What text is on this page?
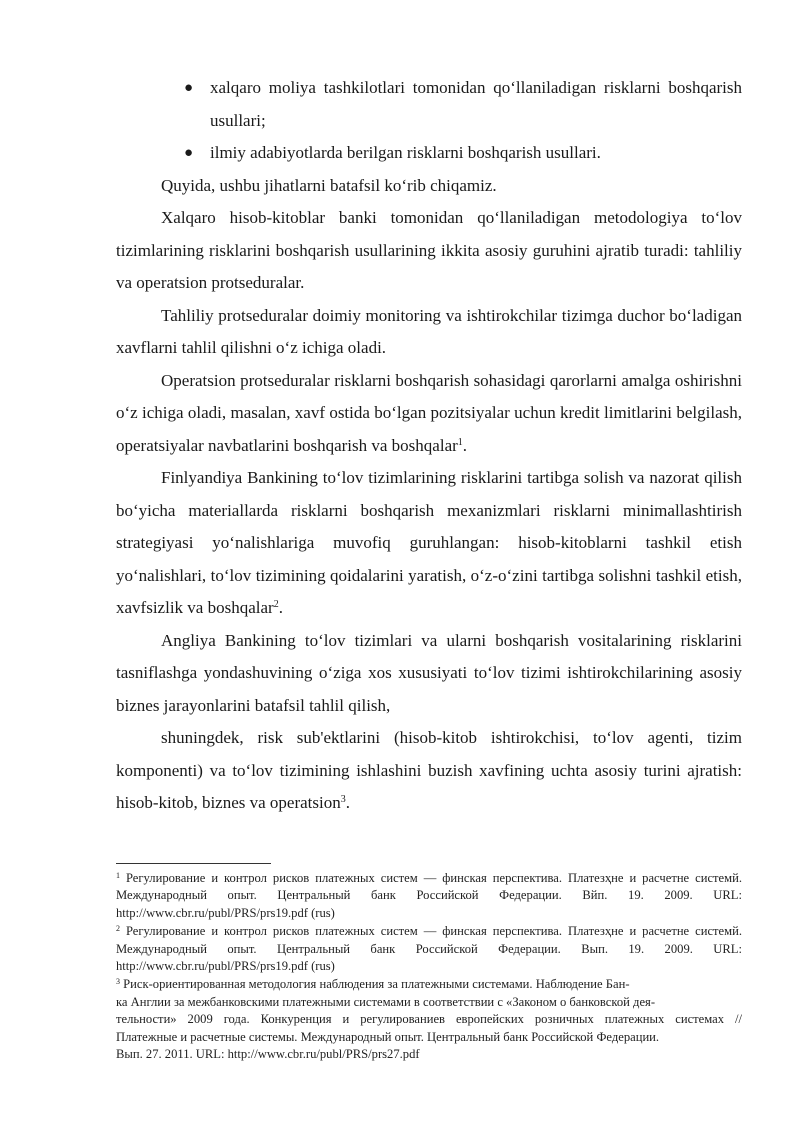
● xalqaro moliya tashkilotlari tomonidan qo‘llaniladigan risklarni boshqarish usullari;
● ilmiy adabiyotlarda berilgan risklarni boshqarish usullari.

Quyida, ushbu jihatlarni batafsil ko‘rib chiqamiz.

Xalqaro hisob-kitoblar banki tomonidan qo‘llaniladigan metodologiya to‘lov tizimlarining risklarini boshqarish usullarining ikkita asosiy guruhini ajratib turadi: tahliliy va operatsion protseduralar.

Tahliliy protseduralar doimiy monitoring va ishtirokchilar tizimga duchor bo‘ladigan xavflarni tahlil qilishni o‘z ichiga oladi.

Operatsion protseduralar risklarni boshqarish sohasidagi qarorlarni amalga oshirishni o‘z ichiga oladi, masalan, xavf ostida bo‘lgan pozitsiyalar uchun kredit limitlarini belgilash, operatsiyalar navbatlarini boshqarish va boshqalar$^1$.

Finlyandiya Bankining to‘lov tizimlarining risklarini tartibga solish va nazorat qilish bo‘yicha materiallarda risklarni boshqarish mexanizmlari risklarni minimallashtirish strategiyasi yo‘nalishlariga muvofiq guruhlangan: hisob-kitoblarni tashkil etish yo‘nalishlari, to‘lov tizimining qoidalarini yaratish, o‘z-o‘zini tartibga solishni tashkil etish, xavfsizlik va boshqalar$^2$.

Angliya Bankining to‘lov tizimlari va ularni boshqarish vositalarining risklarini tasniflashga yondashuvining o‘ziga xos xususiyati to‘lov tizimi ishtirokchilarining asosiy biznes jarayonlarini batafsil tahlil qilish,

shuningdek, risk sub'ektlarini (hisob-kitob ishtirokchisi, to‘lov agenti, tizim komponenti) va to‘lov tizimining ishlashini buzish xavfining uchta asosiy turini ajratish: hisob-kitob, biznes va operatsion$^3$.

$^1$ Регулирование и контрол рисков платежных систем — финская перспектива. Платезҳне и расчетне системй.
Международный опыт. Центральный банк Российской Федерации. Вйп. 19. 2009. URL:
http://www.cbr.ru/publ/PRS/prs19.pdf (rus)
$^2$ Регулирование и контрол рисков платежных систем — финская перспектива. Платезҳне и расчетне системй.
Международный опыт. Центральный банк Российской Федерации. Вып. 19. 2009. URL:
http://www.cbr.ru/publ/PRS/prs19.pdf (rus)
$^3$ Риск-ориентированная методология наблюдения за платежными системами. Наблюдение Бан-
ка Англии за межбанковскими платежными системами в соответствии с «Законом о банковской дея-
тельности» 2009 года. Конкуренция и регулированиев европейских розничных платежных системах //
Платежные и расчетные системы. Международный опыт. Центральный банк Российской Федерации.
Вып. 27. 2011. URL: http://www.cbr.ru/publ/PRS/prs27.pdf
